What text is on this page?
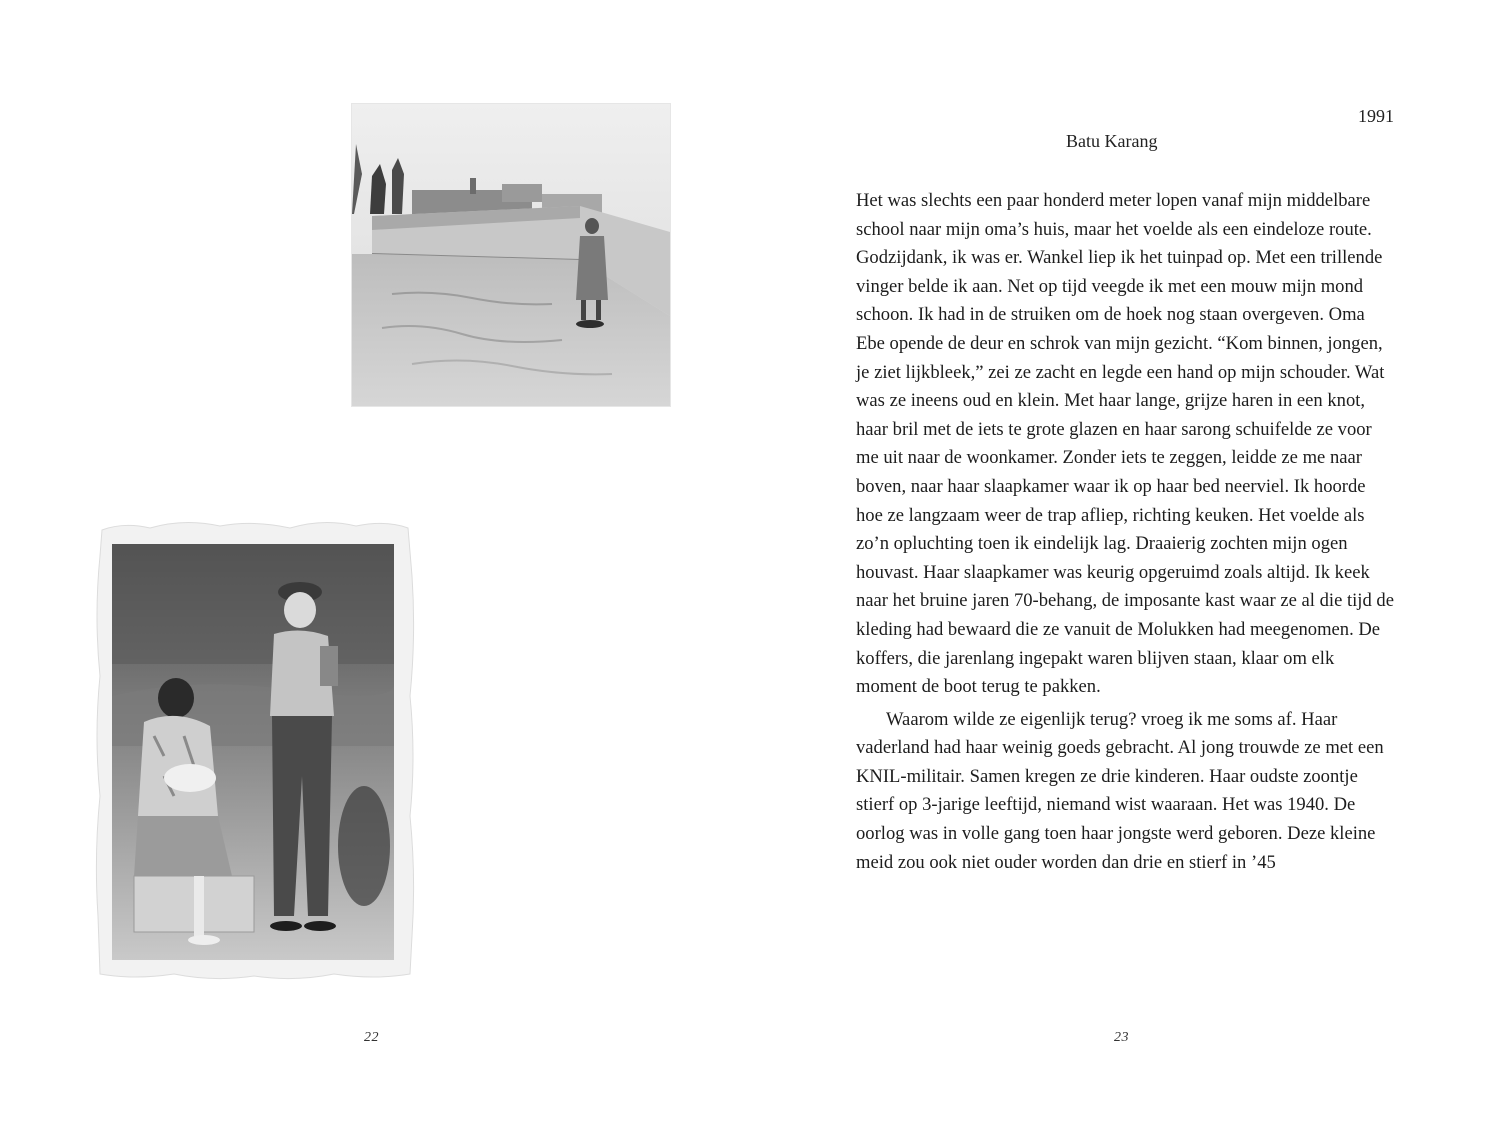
22
1991
Batu Karang

Het was slechts een paar honderd meter lopen vanaf mijn middelbare school naar mijn oma’s huis, maar het voelde als een eindeloze route. Godzijdank, ik was er. Wankel liep ik het tuinpad op. Met een trillende vinger belde ik aan. Net op tijd veegde ik met een mouw mijn mond schoon. Ik had in de struiken om de hoek nog staan overgeven. Oma Ebe opende de deur en schrok van mijn gezicht. “Kom binnen, jongen, je ziet lijkbleek,” zei ze zacht en legde een hand op mijn schouder. Wat was ze ineens oud en klein. Met haar lange, grijze haren in een knot, haar bril met de iets te grote glazen en haar sarong schuifelde ze voor me uit naar de woonkamer. Zonder iets te zeggen, leidde ze me naar boven, naar haar slaapkamer waar ik op haar bed neerviel. Ik hoorde hoe ze langzaam weer de trap afliep, richting keuken. Het voelde als zo’n opluchting toen ik eindelijk lag. Draaierig zochten mijn ogen houvast. Haar slaapkamer was keurig opgeruimd zoals altijd. Ik keek naar het bruine jaren 70-behang, de imposante kast waar ze al die tijd de kleding had bewaard die ze vanuit de Molukken had meegenomen. De koffers, die jarenlang ingepakt waren blijven staan, klaar om elk moment de boot terug te pakken.

Waarom wilde ze eigenlijk terug? vroeg ik me soms af. Haar vaderland had haar weinig goeds gebracht. Al jong trouwde ze met een KNIL-militair. Samen kregen ze drie kinderen. Haar oudste zoontje stierf op 3-jarige leeftijd, niemand wist waaraan. Het was 1940. De oorlog was in volle gang toen haar jongste werd geboren. Deze kleine meid zou ook niet ouder worden dan drie en stierf in ’45

23
